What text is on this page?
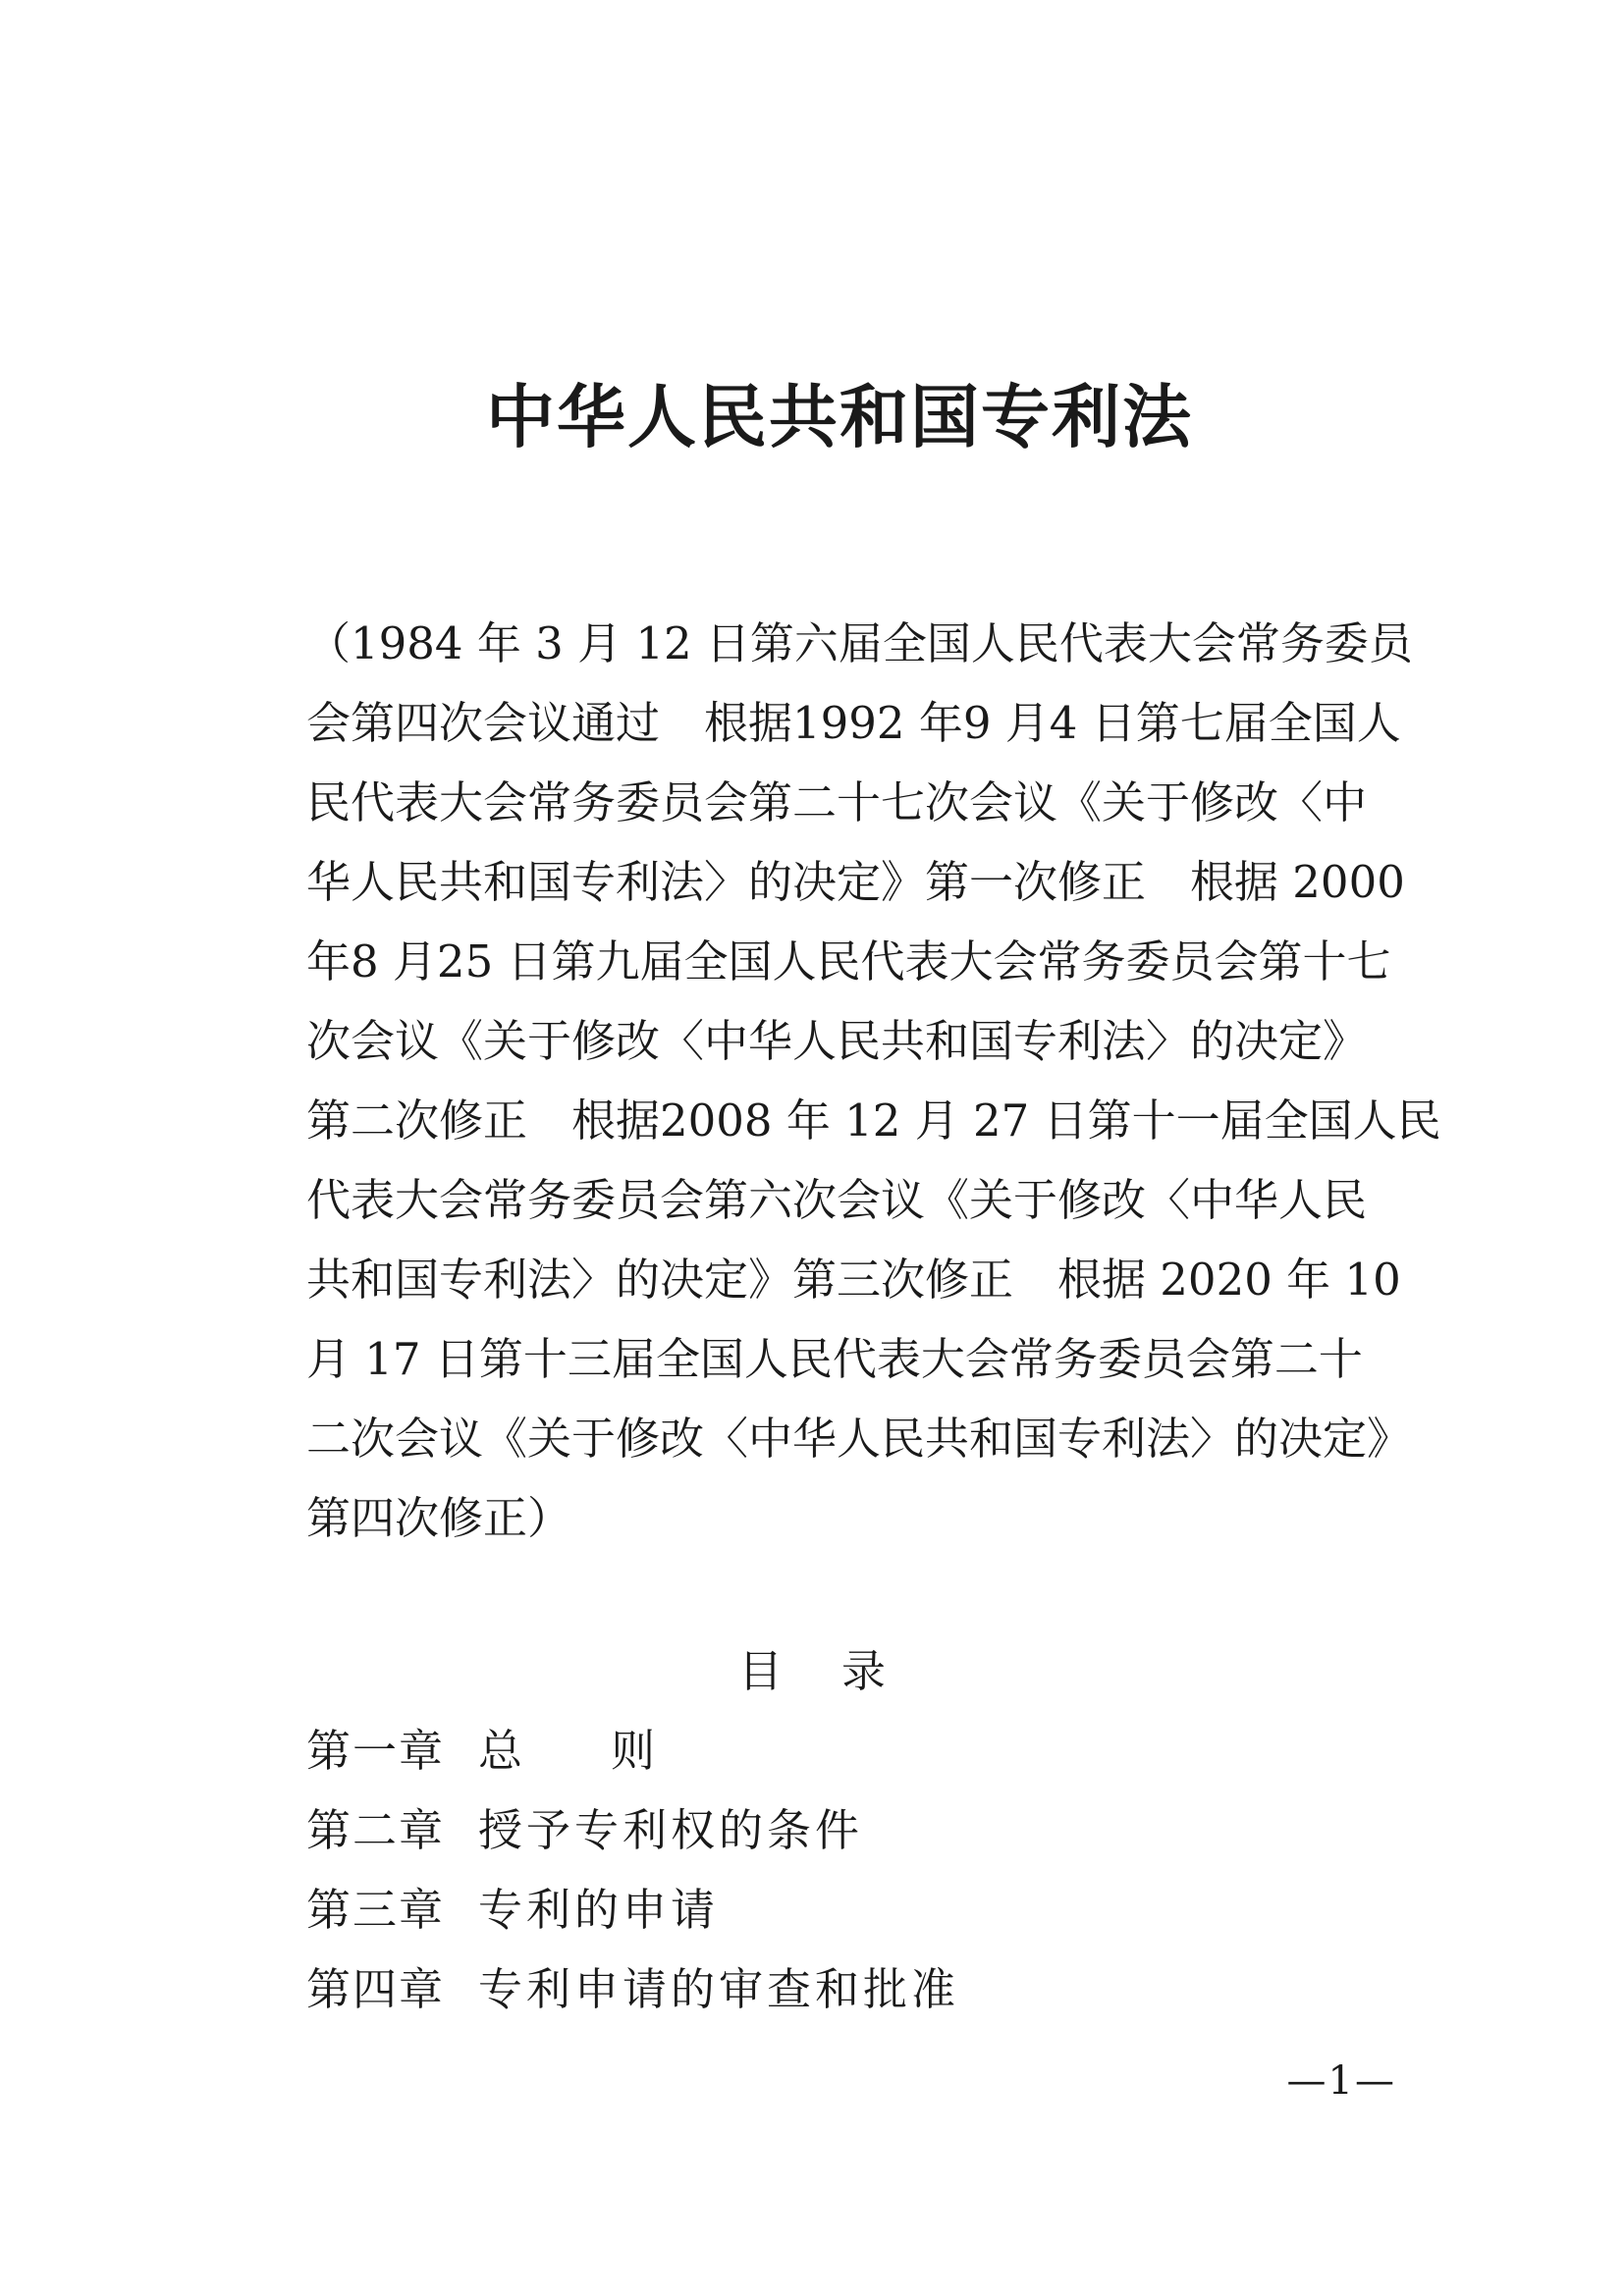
中华人民共和国专利法
（1984 年 3 月 12 日第六届全国人民代表大会常务委员
会第四次会议通过　根据1992 年9 月4 日第七届全国人
民代表大会常务委员会第二十七次会议《关于修改〈中
华人民共和国专利法〉的决定》第一次修正　根据 2000
年8 月25 日第九届全国人民代表大会常务委员会第十七
次会议《关于修改〈中华人民共和国专利法〉的决定》
第二次修正　根据2008 年 12 月 27 日第十一届全国人民
代表大会常务委员会第六次会议《关于修改〈中华人民
共和国专利法〉的决定》第三次修正　根据 2020 年 10
月 17 日第十三届全国人民代表大会常务委员会第二十
二次会议《关于修改〈中华人民共和国专利法〉的决定》
第四次修正）
目录
第一章 总则
第二章 授予专利权的条件
第三章 专利的申请
第四章 专利申请的审查和批准
—1—
